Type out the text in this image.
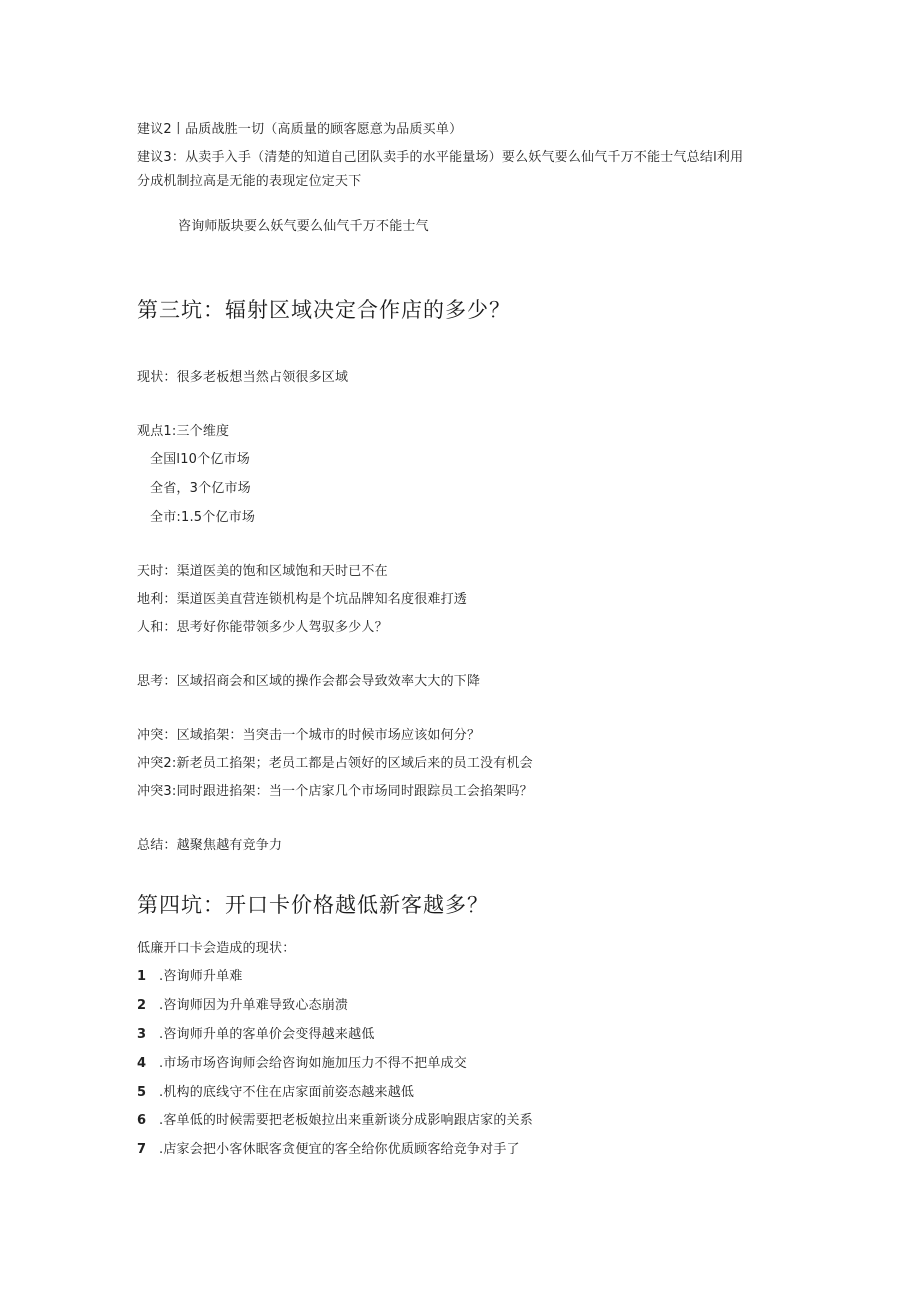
建议2丨品质战胜一切（高质量的顾客愿意为品质买单）
建议3：从卖手入手（清楚的知道自己团队卖手的水平能量场）要么妖气要么仙气千万不能士气总结l利用
分成机制拉高是无能的表现定位定天下
咨询师版块要么妖气要么仙气千万不能士气
第三坑：辐射区域决定合作店的多少？
现状：很多老板想当然占领很多区域
观点1:三个维度
全国l10个亿市场
全省，3个亿市场
全市:1.5个亿市场
天时：渠道医美的饱和区域饱和天时已不在
地利：渠道医美直营连锁机构是个坑品牌知名度很难打透
人和：思考好你能带领多少人驾驭多少人？
思考：区域招商会和区域的操作会都会导致效率大大的下降
冲突：区域掐架：当突击一个城市的时候市场应该如何分？
冲突2:新老员工掐架；老员工都是占领好的区域后来的员工没有机会
冲突3:同时跟进掐架：当一个店家几个市场同时跟踪员工会掐架吗？
总结：越聚焦越有竞争力
第四坑：开口卡价格越低新客越多？
低廉开口卡会造成的现状：
1 .咨询师升单难
2 .咨询师因为升单难导致心态崩溃
3 .咨询师升单的客单价会变得越来越低
4 .市场市场咨询师会给咨询如施加压力不得不把单成交
5 .机构的底线守不住在店家面前姿态越来越低
6 .客单低的时候需要把老板娘拉出来重新谈分成影响跟店家的关系
7 .店家会把小客休眠客贪便宜的客全给你优质顾客给竞争对手了
